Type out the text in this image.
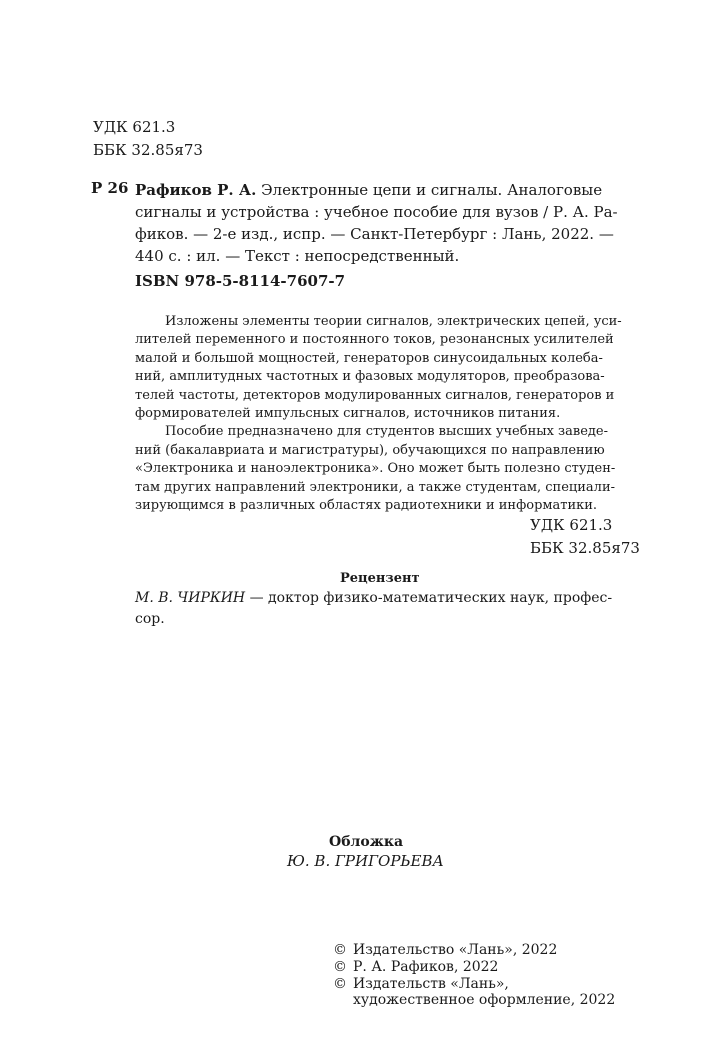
УДК 621.3
ББК 32.85я73
Р 26 Рафиков Р. А. Электронные цепи и сигналы. Аналоговые
сигналы и устройства : учебное пособие для вузов / Р. А. Ра-
фиков. — 2-е изд., испр. — Санкт-Петербург : Лань, 2022. —
440 с. : ил. — Текст : непосредственный.
ISBN 978-5-8114-7607-7
Изложены элементы теории сигналов, электрических цепей, уси-
лителей переменного и постоянного токов, резонансных усилителей
малой и большой мощностей, генераторов синусоидальных колеба-
ний, амплитудных частотных и фазовых модуляторов, преобразова-
телей частоты, детекторов модулированных сигналов, генераторов и
формирователей импульсных сигналов, источников питания.
Пособие предназначено для студентов высших учебных заведе-
ний (бакалавриата и магистратуры), обучающихся по направлению
«Электроника и наноэлектроника». Оно может быть полезно студен-
там других направлений электроники, а также студентам, специали-
зирующимся в различных областях радиотехники и информатики.
УДК 621.3
ББК 32.85я73
Рецензент
М. В. ЧИРКИН — доктор физико-математических наук, профес-
сор.
Обложка
Ю. В. ГРИГОРЬЕВА
© Издательство «Лань», 2022
© Р. А. Рафиков, 2022
© Издательств «Лань»,
художественное оформление, 2022
